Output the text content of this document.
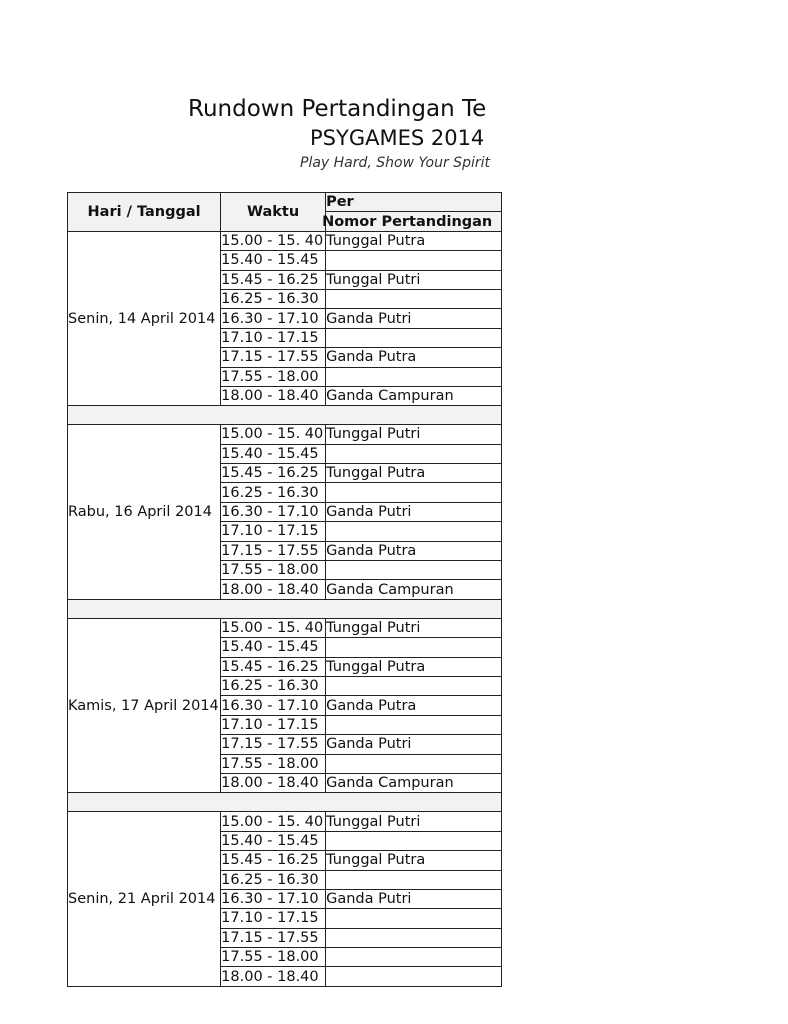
Rundown Pertandingan Te
PSYGAMES 2014
Play Hard, Show Your Spirit
Hari / Tanggal	Waktu	Per
		Nomor Pertandingan
Senin, 14 April 2014	15.00 - 15. 40	Tunggal Putra
	15.40 - 15.45	
	15.45 - 16.25	Tunggal Putri
	16.25 - 16.30	
	16.30 - 17.10	Ganda Putri
	17.10 - 17.15	
	17.15 - 17.55	Ganda Putra
	17.55 - 18.00	
	18.00 - 18.40	Ganda Campuran

Rabu, 16 April 2014	15.00 - 15. 40	Tunggal Putri
	15.40 - 15.45	
	15.45 - 16.25	Tunggal Putra
	16.25 - 16.30	
	16.30 - 17.10	Ganda Putri
	17.10 - 17.15	
	17.15 - 17.55	Ganda Putra
	17.55 - 18.00	
	18.00 - 18.40	Ganda Campuran

Kamis, 17 April 2014	15.00 - 15. 40	Tunggal Putri
	15.40 - 15.45	
	15.45 - 16.25	Tunggal Putra
	16.25 - 16.30	
	16.30 - 17.10	Ganda Putra
	17.10 - 17.15	
	17.15 - 17.55	Ganda Putri
	17.55 - 18.00	
	18.00 - 18.40	Ganda Campuran

Senin, 21 April 2014	15.00 - 15. 40	Tunggal Putri
	15.40 - 15.45	
	15.45 - 16.25	Tunggal Putra
	16.25 - 16.30	
	16.30 - 17.10	Ganda Putri
	17.10 - 17.15	
	17.15 - 17.55	
	17.55 - 18.00	
	18.00 - 18.40	
